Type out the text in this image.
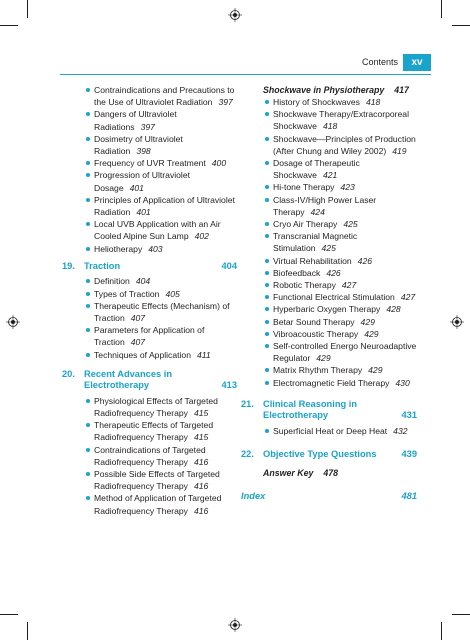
Contents	xv
Contraindications and Precautions to the Use of Ultraviolet Radiation 397
Dangers of Ultraviolet Radiations 397
Dosimetry of Ultraviolet Radiation 398
Frequency of UVR Treatment 400
Progression of Ultraviolet Dosage 401
Principles of Application of Ultraviolet Radiation 401
Local UVB Application with an Air Cooled Alpine Sun Lamp 402
Heliotherapy 403
19. Traction	404
Definition 404
Types of Traction 405
Therapeutic Effects (Mechanism) of Traction 407
Parameters for Application of Traction 407
Techniques of Application 411
20. Recent Advances in Electrotherapy	413
Physiological Effects of Targeted Radiofrequency Therapy 415
Therapeutic Effects of Targeted Radiofrequency Therapy 415
Contraindications of Targeted Radiofrequency Therapy 416
Possible Side Effects of Targeted Radiofrequency Therapy 416
Method of Application of Targeted Radiofrequency Therapy 416
Shockwave in Physiotherapy 417
History of Shockwaves 418
Shockwave Therapy/Extracorporeal Shockwave 418
Shockwave—Principles of Production (After Chung and Wiley 2002) 419
Dosage of Therapeutic Shockwave 421
Hi-tone Therapy 423
Class-IV/High Power Laser Therapy 424
Cryo Air Therapy 425
Transcranial Magnetic Stimulation 425
Virtual Rehabilitation 426
Biofeedback 426
Robotic Therapy 427
Functional Electrical Stimulation 427
Hyperbaric Oxygen Therapy 428
Betar Sound Therapy 429
Vibroacoustic Therapy 429
Self-controlled Energo Neuroadaptive Regulator 429
Matrix Rhythm Therapy 429
Electromagnetic Field Therapy 430
21. Clinical Reasoning in Electrotherapy	431
Superficial Heat or Deep Heat 432
22. Objective Type Questions	439
Answer Key 478
Index	481
